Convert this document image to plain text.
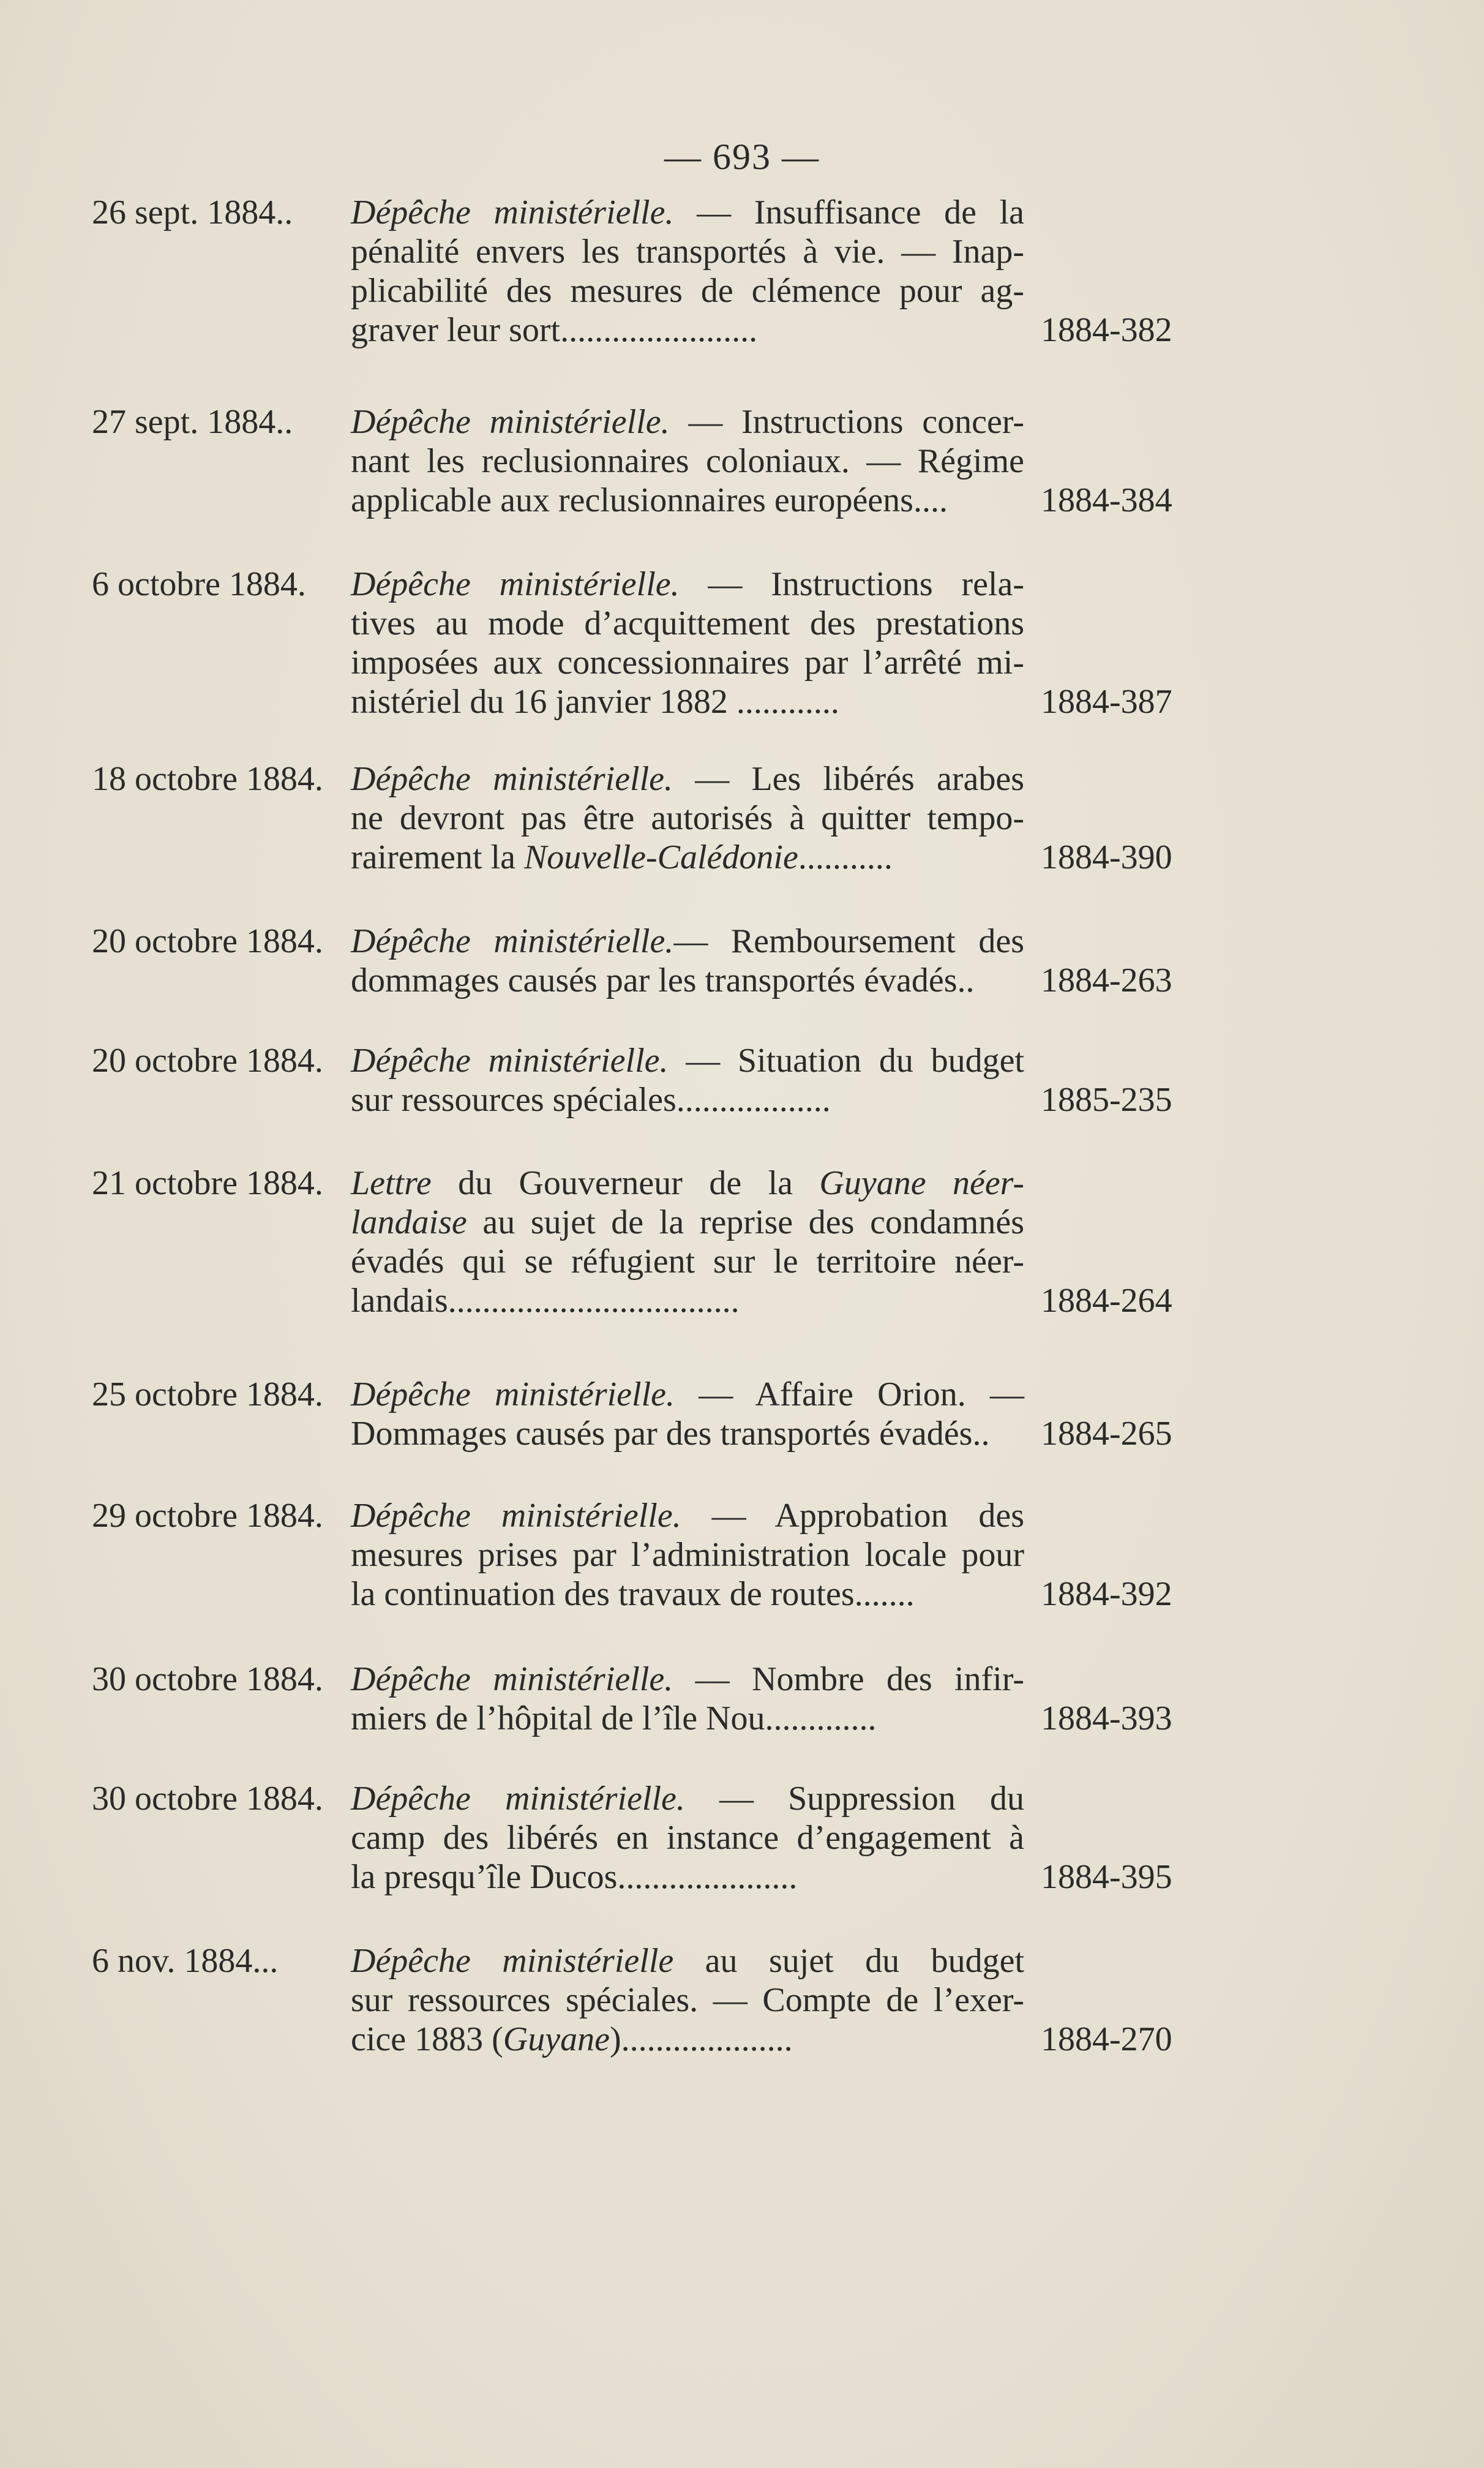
— 693 —
26 sept. 1884..	Dépêche ministérielle. — Insuffisance de la
pénalité envers les transportés à vie. — Inap-
plicabilité des mesures de clémence pour ag-
graver leur sort.......................	1884-382
27 sept. 1884..	Dépêche ministérielle. — Instructions concer-
nant les reclusionnaires coloniaux. — Régime
applicable aux reclusionnaires européens....	1884-384
6 octobre 1884.	Dépêche ministérielle. — Instructions rela-
tives au mode d’acquittement des prestations
imposées aux concessionnaires par l’arrêté mi-
nistériel du 16 janvier 1882 ............	1884-387
18 octobre 1884. Dépêche ministérielle. — Les libérés arabes
ne devront pas être autorisés à quitter tempo-
rairement la Nouvelle-Calédonie...........	1884-390
20 octobre 1884. Dépêche ministérielle.— Remboursement des
dommages causés par les transportés évadés..	1884-263
20 octobre 1884. Dépêche ministérielle. — Situation du budget
sur ressources spéciales..................	1885-235
21 octobre 1884. Lettre du Gouverneur de la Guyane néer-
landaise au sujet de la reprise des condamnés
évadés qui se réfugient sur le territoire néer-
landais..................................	1884-264
25 octobre 1884. Dépêche ministérielle. — Affaire Orion. —
Dommages causés par des transportés évadés..	1884-265
29 octobre 1884. Dépêche ministérielle. — Approbation des
mesures prises par l’administration locale pour
la continuation des travaux de routes.......	1884-392
30 octobre 1884. Dépêche ministérielle. — Nombre des infir-
miers de l’hôpital de l’île Nou.............	1884-393
30 octobre 1884. Dépêche ministérielle. — Suppression du
camp des libérés en instance d’engagement à
la presqu’île Ducos.....................	1884-395
6 nov. 1884...	Dépêche ministérielle au sujet du budget
sur ressources spéciales. — Compte de l’exer-
cice 1883 (Guyane)....................	1884-270
